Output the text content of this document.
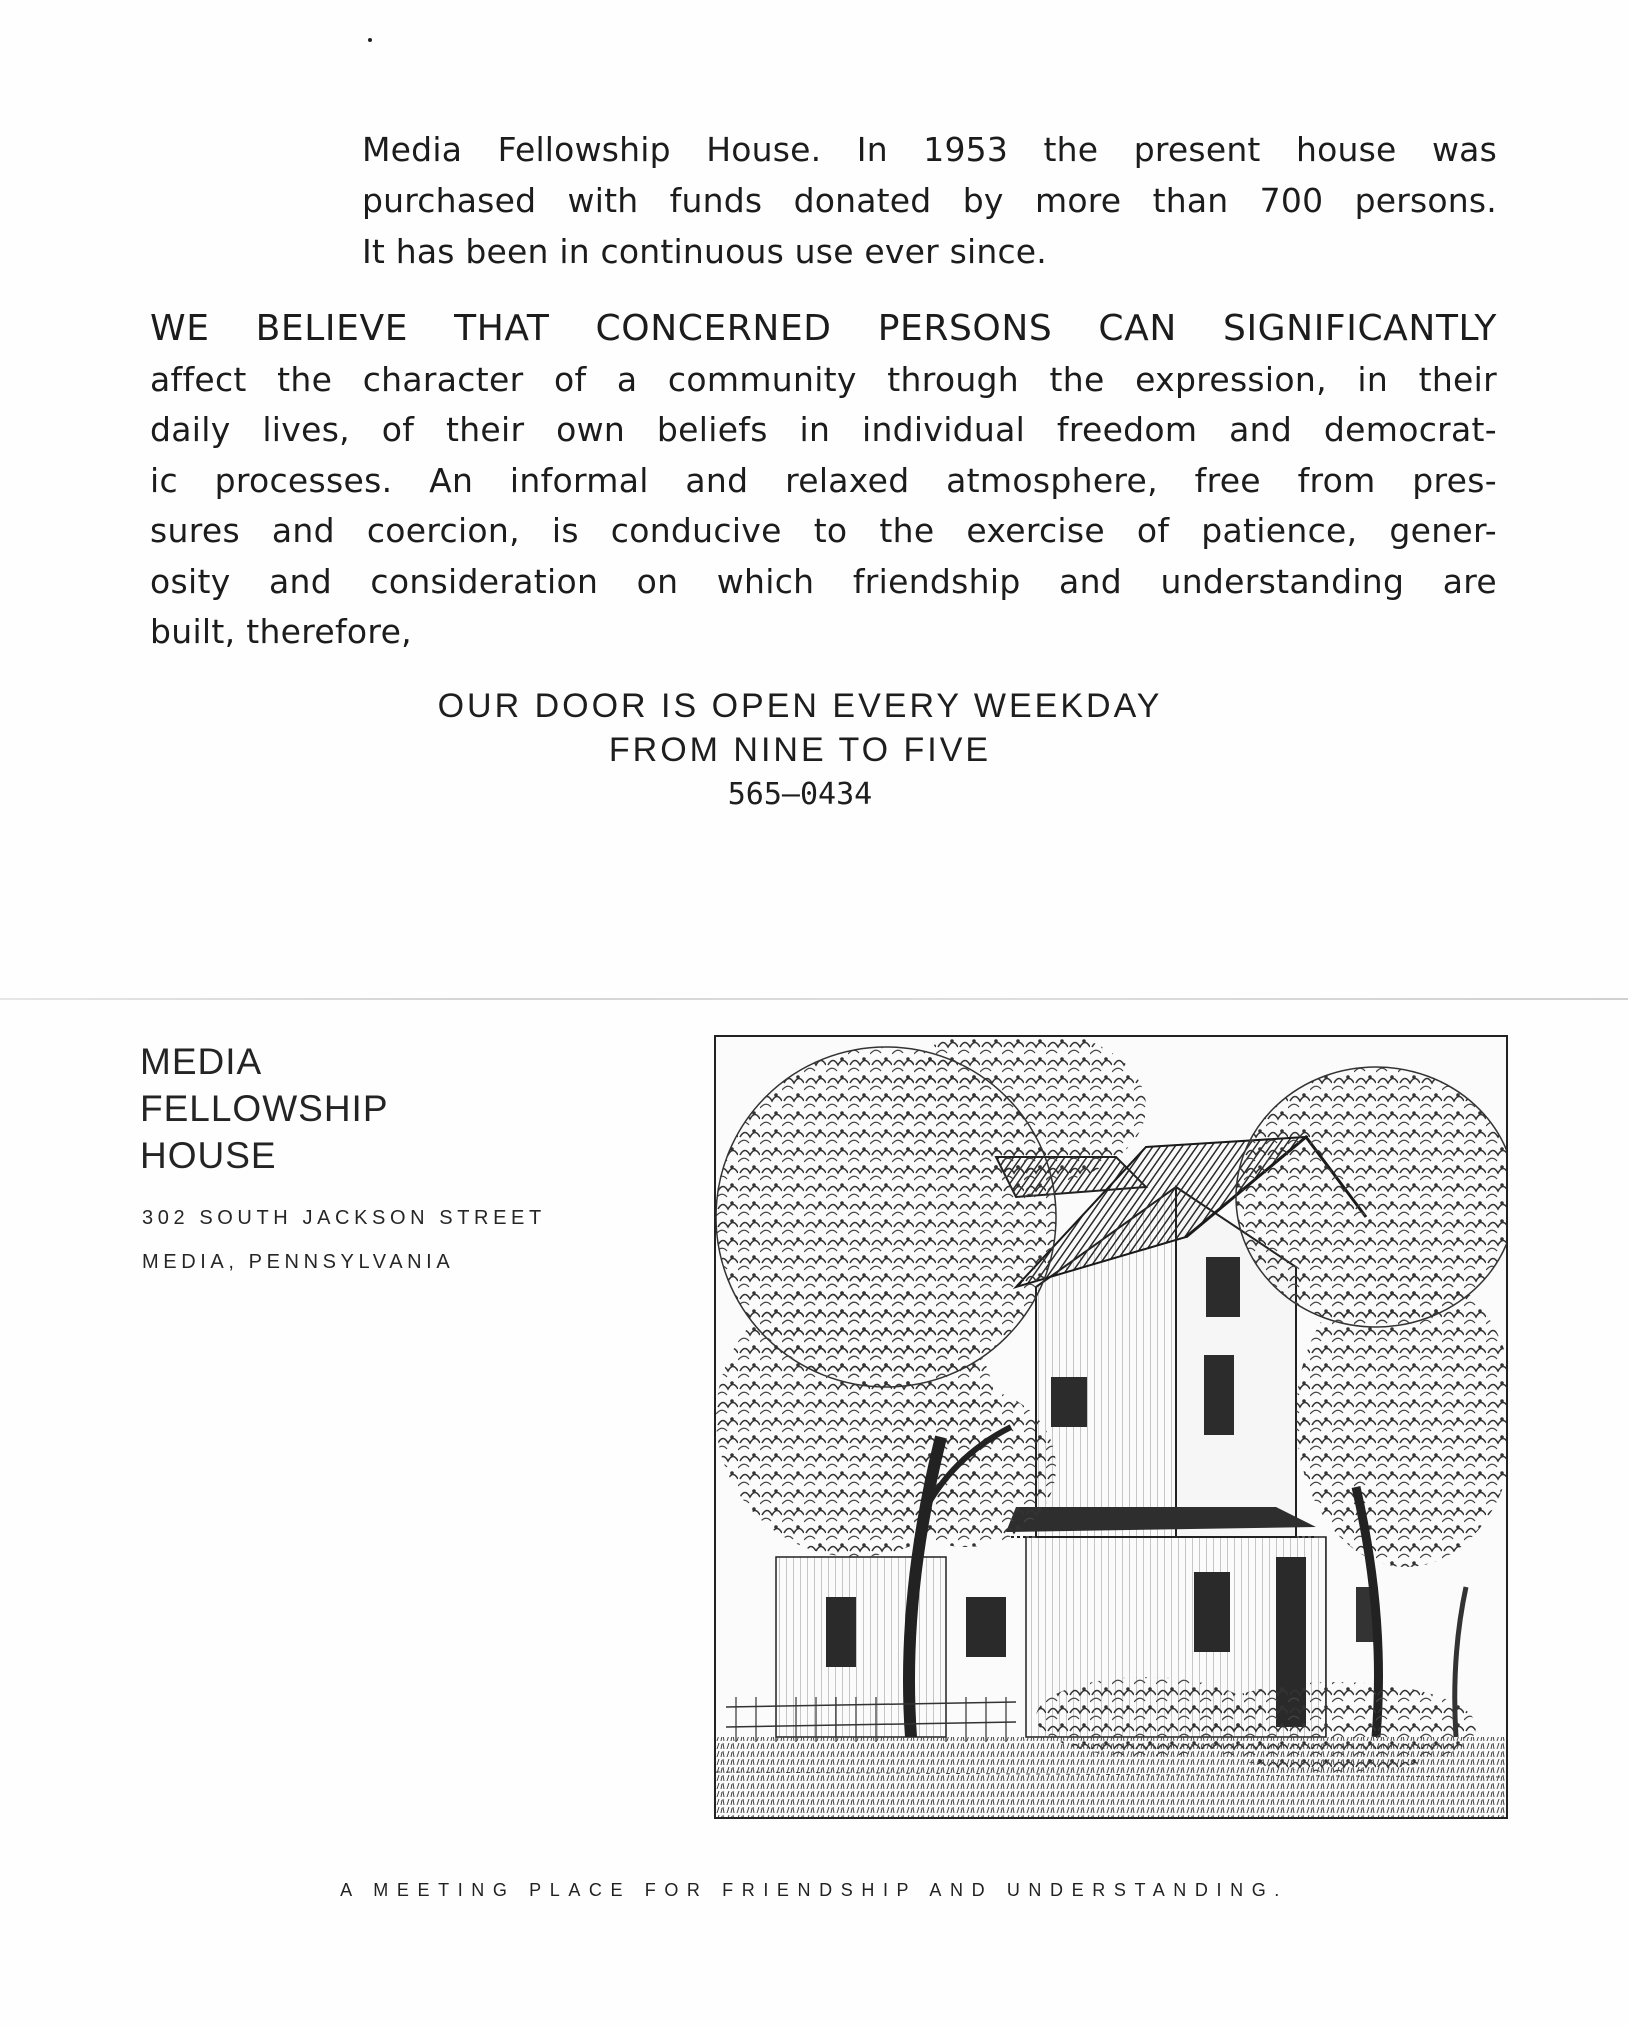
Media Fellowship House. In 1953 the present house was
purchased with funds donated by more than 700 persons.
It has been in continuous use ever since.
WE BELIEVE THAT CONCERNED PERSONS CAN SIGNIFICANTLY
affect the character of a community through the expression, in their
daily lives, of their own beliefs in individual freedom and democrat-
ic processes. An informal and relaxed atmosphere, free from pres-
sures and coercion, is conducive to the exercise of patience, gener-
osity and consideration on which friendship and understanding are
built, therefore,
OUR DOOR IS OPEN EVERY WEEKDAY
FROM NINE TO FIVE
565—0434
MEDIA
FELLOWSHIP
HOUSE
302 SOUTH JACKSON STREET
MEDIA, PENNSYLVANIA
A MEETING PLACE FOR FRIENDSHIP AND UNDERSTANDING.
